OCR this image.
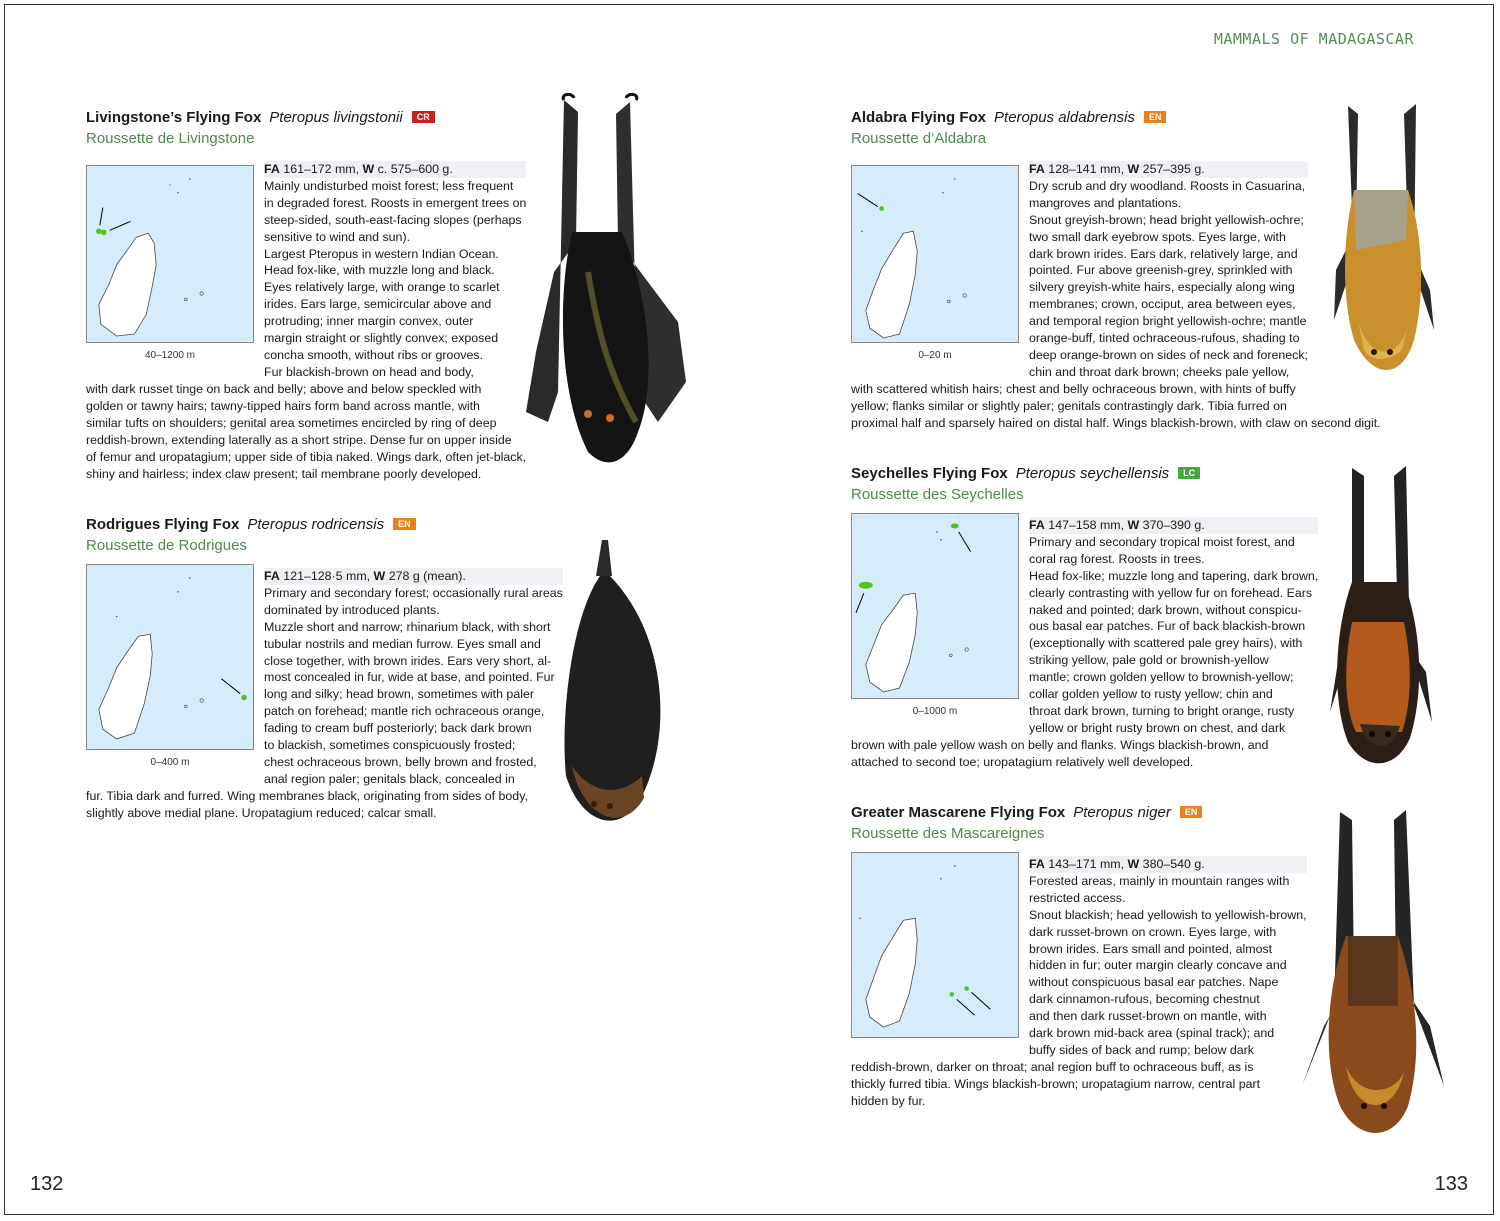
MAMMALS OF MADAGASCAR
Livingstone’s Flying Fox Pteropus livingstonii CR
Roussette de Livingstone
40–1200 m
FA 161–172 mm, W c. 575–600 g.
Mainly undisturbed moist forest; less frequent
in degraded forest. Roosts in emergent trees on
steep-sided, south-east-facing slopes (perhaps
sensitive to wind and sun).
Largest Pteropus in western Indian Ocean.
Head fox-like, with muzzle long and black.
Eyes relatively large, with orange to scarlet
irides. Ears large, semicircular above and
protruding; inner margin convex, outer
margin straight or slightly convex; exposed
concha smooth, without ribs or grooves.
Fur blackish-brown on head and body,
with dark russet tinge on back and belly; above and below speckled with
golden or tawny hairs; tawny-tipped hairs form band across mantle, with
similar tufts on shoulders; genital area sometimes encircled by ring of deep
reddish-brown, extending laterally as a short stripe. Dense fur on upper inside
of femur and uropatagium; upper side of tibia naked. Wings dark, often jet-black,
shiny and hairless; index claw present; tail membrane poorly developed.
Rodrigues Flying Fox Pteropus rodricensis EN
Roussette de Rodrigues
0–400 m
FA 121–128·5 mm, W 278 g (mean).
Primary and secondary forest; occasionally rural areas
dominated by introduced plants.
Muzzle short and narrow; rhinarium black, with short
tubular nostrils and median furrow. Eyes small and
close together, with brown irides. Ears very short, al-
most concealed in fur, wide at base, and pointed. Fur
long and silky; head brown, sometimes with paler
patch on forehead; mantle rich ochraceous orange,
fading to cream buff posteriorly; back dark brown
to blackish, sometimes conspicuously frosted;
chest ochraceous brown, belly brown and frosted,
anal region paler; genitals black, concealed in
fur. Tibia dark and furred. Wing membranes black, originating from sides of body,
slightly above medial plane. Uropatagium reduced; calcar small.
Aldabra Flying Fox Pteropus aldabrensis EN
Roussette d’Aldabra
0–20 m
FA 128–141 mm, W 257–395 g.
Dry scrub and dry woodland. Roosts in Casuarina,
mangroves and plantations.
Snout greyish-brown; head bright yellowish-ochre;
two small dark eyebrow spots. Eyes large, with
dark brown irides. Ears dark, relatively large, and
pointed. Fur above greenish-grey, sprinkled with
silvery greyish-white hairs, especially along wing
membranes; crown, occiput, area between eyes,
and temporal region bright yellowish-ochre; mantle
orange-buff, tinted ochraceous-rufous, shading to
deep orange-brown on sides of neck and foreneck;
chin and throat dark brown; cheeks pale yellow,
with scattered whitish hairs; chest and belly ochraceous brown, with hints of buffy
yellow; flanks similar or slightly paler; genitals contrastingly dark. Tibia furred on
proximal half and sparsely haired on distal half. Wings blackish-brown, with claw on second digit.
Seychelles Flying Fox Pteropus seychellensis LC
Roussette des Seychelles
0–1000 m
FA 147–158 mm, W 370–390 g.
Primary and secondary tropical moist forest, and
coral rag forest. Roosts in trees.
Head fox-like; muzzle long and tapering, dark brown,
clearly contrasting with yellow fur on forehead. Ears
naked and pointed; dark brown, without conspicu-
ous basal ear patches. Fur of back blackish-brown
(exceptionally with scattered pale grey hairs), with
striking yellow, pale gold or brownish-yellow
mantle; crown golden yellow to brownish-yellow;
collar golden yellow to rusty yellow; chin and
throat dark brown, turning to bright orange, rusty
yellow or bright rusty brown on chest, and dark
brown with pale yellow wash on belly and flanks. Wings blackish-brown, and
attached to second toe; uropatagium relatively well developed.
Greater Mascarene Flying Fox Pteropus niger EN
Roussette des Mascareignes
FA 143–171 mm, W 380–540 g.
Forested areas, mainly in mountain ranges with
restricted access.
Snout blackish; head yellowish to yellowish-brown,
dark russet-brown on crown. Eyes large, with
brown irides. Ears small and pointed, almost
hidden in fur; outer margin clearly concave and
without conspicuous basal ear patches. Nape
dark cinnamon-rufous, becoming chestnut
and then dark russet-brown on mantle, with
dark brown mid-back area (spinal track); and
buffy sides of back and rump; below dark
reddish-brown, darker on throat; anal region buff to ochraceous buff, as is
thickly furred tibia. Wings blackish-brown; uropatagium narrow, central part
hidden by fur.
132	133
